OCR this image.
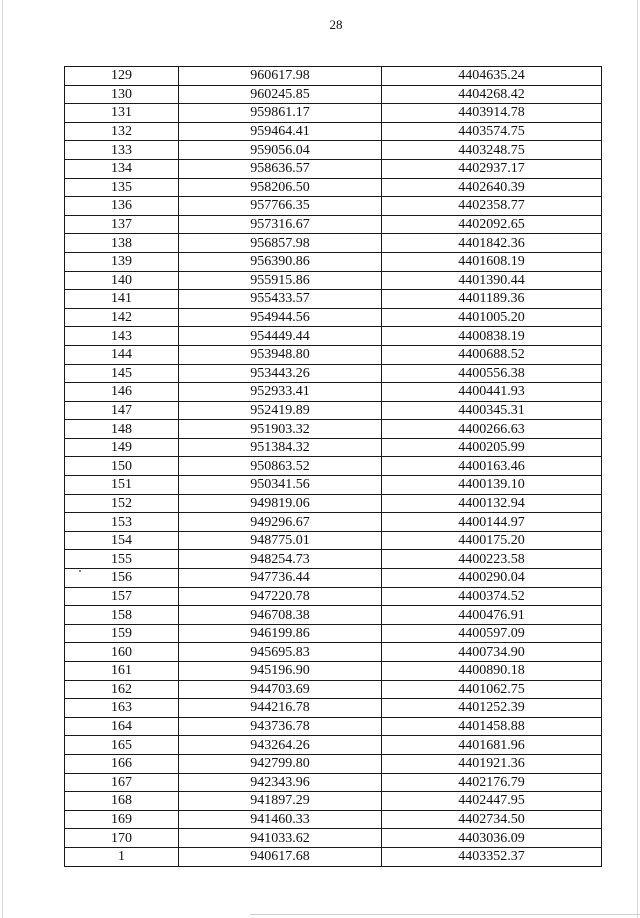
28
129	960617.98	4404635.24
130	960245.85	4404268.42
131	959861.17	4403914.78
132	959464.41	4403574.75
133	959056.04	4403248.75
134	958636.57	4402937.17
135	958206.50	4402640.39
136	957766.35	4402358.77
137	957316.67	4402092.65
138	956857.98	4401842.36
139	956390.86	4401608.19
140	955915.86	4401390.44
141	955433.57	4401189.36
142	954944.56	4401005.20
143	954449.44	4400838.19
144	953948.80	4400688.52
145	953443.26	4400556.38
146	952933.41	4400441.93
147	952419.89	4400345.31
148	951903.32	4400266.63
149	951384.32	4400205.99
150	950863.52	4400163.46
151	950341.56	4400139.10
152	949819.06	4400132.94
153	949296.67	4400144.97
154	948775.01	4400175.20
155	948254.73	4400223.58
156	947736.44	4400290.04
157	947220.78	4400374.52
158	946708.38	4400476.91
159	946199.86	4400597.09
160	945695.83	4400734.90
161	945196.90	4400890.18
162	944703.69	4401062.75
163	944216.78	4401252.39
164	943736.78	4401458.88
165	943264.26	4401681.96
166	942799.80	4401921.36
167	942343.96	4402176.79
168	941897.29	4402447.95
169	941460.33	4402734.50
170	941033.62	4403036.09
1	940617.68	4403352.37
